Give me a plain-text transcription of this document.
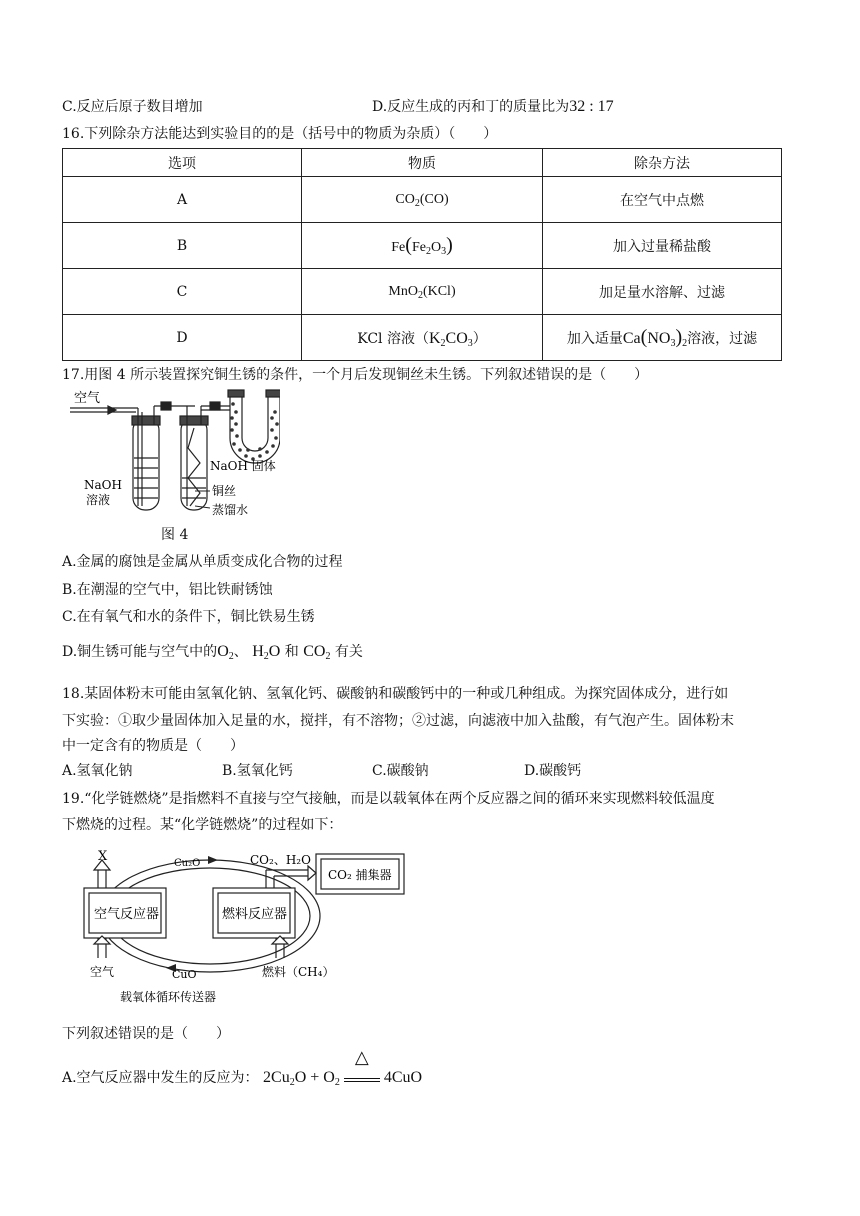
C.反应后原子数目增加	D.反应生成的丙和丁的质量比为32 : 17
16.下列除杂方法能达到实验目的的是（括号中的物质为杂质）（　　）
选项	物质	除杂方法
A	$CO_2(CO)$	在空气中点燃
B	$Fe(Fe_2O_3)$	加入过量稀盐酸
C	MnO$_2$(KCl)	加足量水溶解、过滤
D	KCl 溶液$(K_2CO_3)$	加入适量$Ca(NO_3)_2$溶液，过滤
17.用图 4 所示装置探究铜生锈的条件，一个月后发现铜丝未生锈。下列叙述错误的是（　　）
空气
NaOH
溶液
NaOH 固体
铜丝
蒸馏水
图 4
A.金属的腐蚀是金属从单质变成化合物的过程
B.在潮湿的空气中，铝比铁耐锈蚀
C.在有氧气和水的条件下，铜比铁易生锈
D.铜生锈可能与空气中的$O_2$、 $H_2O$ 和 $CO_2$ 有关
18.某固体粉末可能由氢氧化钠、氢氧化钙、碳酸钠和碳酸钙中的一种或几种组成。为探究固体成分，进行如
下实验：①取少量固体加入足量的水，搅拌，有不溶物；②过滤，向滤液中加入盐酸，有气泡产生。固体粉末
中一定含有的物质是（　　）
A.氢氧化钠	B.氢氧化钙	C.碳酸钠	D.碳酸钙
19.“化学链燃烧”是指燃料不直接与空气接触，而是以载氧体在两个反应器之间的循环来实现燃料较低温度
下燃烧的过程。某“化学链燃烧”的过程如下：
Cu₂O
X	CO₂、H₂O
CO₂ 捕集器
空气反应器	燃料反应器
空气	CuO	燃料（CH₄）
载氧体循环传送器
下列叙述错误的是（　　）
A.空气反应器中发生的反应为： $2Cu_2O + O_2$
△
4CuO
